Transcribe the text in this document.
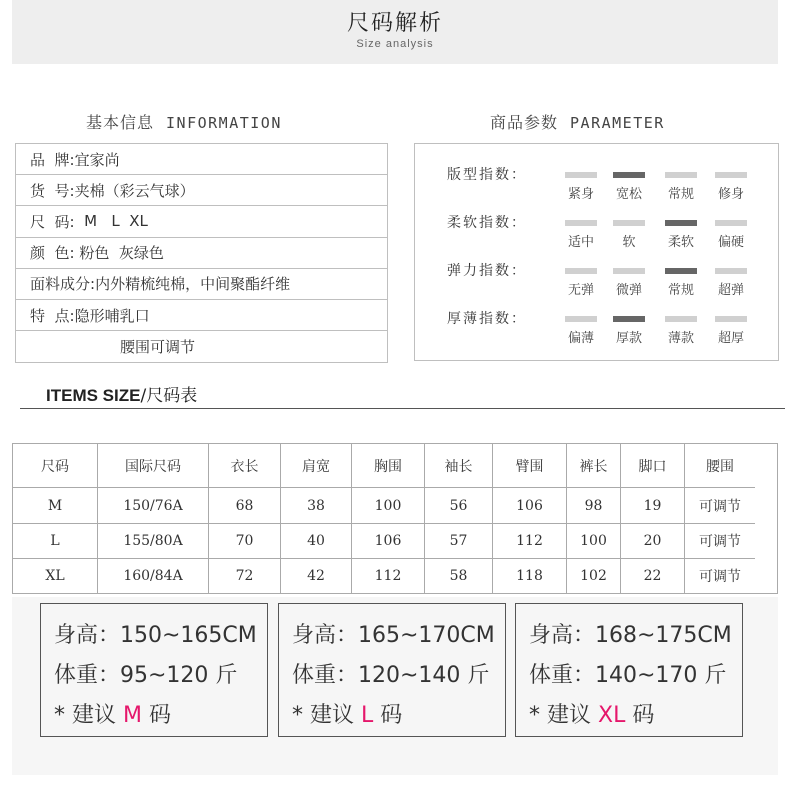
尺码解析
Size analysis
基本信息 INFORMATION	商品参数 PARAMETER
品  牌: 宜家尚
货  号: 夹棉（彩云气球）
尺  码: M   L  XL
颜  色: 粉色  灰绿色
面料成分: 内外精梳纯棉，中间聚酯纤维
特  点: 隐形哺乳口
腰围可调节
版型指数：
紧身	宽松	常规	修身
柔软指数：
适中	软	柔软	偏硬
弹力指数：
无弹	微弹	常规	超弹
厚薄指数：
偏薄	厚款	薄款	超厚
ITEMS SIZE/尺码表
尺码	国际尺码	衣长	肩宽	胸围	袖长	臂围	裤长	脚口	腰围
M	150/76A	68	38	100	56	106	98	19	可调节
L	155/80A	70	40	106	57	112	100	20	可调节
XL	160/84A	72	42	112	58	118	102	22	可调节
身高：150~165CM
体重：95~120 斤
* 建议 M 码
身高：165~170CM
体重：120~140 斤
* 建议 L 码
身高：168~175CM
体重：140~170 斤
* 建议 XL 码
